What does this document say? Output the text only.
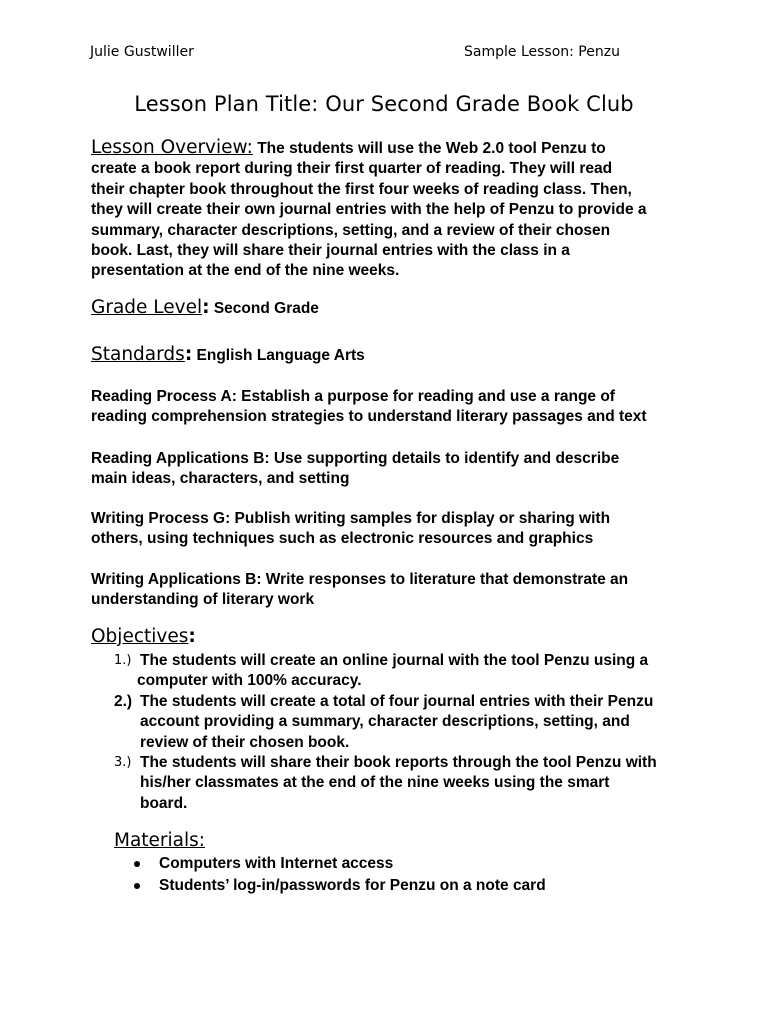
Julie Gustwiller	Sample Lesson: Penzu
Lesson Plan Title: Our Second Grade Book Club
Lesson Overview: The students will use the Web 2.0 tool Penzu to
create a book report during their first quarter of reading. They will read
their chapter book throughout the first four weeks of reading class. Then,
they will create their own journal entries with the help of Penzu to provide a
summary, character descriptions, setting, and a review of their chosen
book. Last, they will share their journal entries with the class in a
presentation at the end of the nine weeks.
Grade Level: Second Grade
Standards: English Language Arts
Reading Process A: Establish a purpose for reading and use a range of
reading comprehension strategies to understand literary passages and text
Reading Applications B: Use supporting details to identify and describe
main ideas, characters, and setting
Writing Process G: Publish writing samples for display or sharing with
others, using techniques such as electronic resources and graphics
Writing Applications B: Write responses to literature that demonstrate an
understanding of literary work
Objectives:
1.) The students will create an online journal with the tool Penzu using a
computer with 100% accuracy.
2.) The students will create a total of four journal entries with their Penzu
account providing a summary, character descriptions, setting, and
review of their chosen book.
3.) The students will share their book reports through the tool Penzu with
his/her classmates at the end of the nine weeks using the smart
board.
Materials:
Computers with Internet access
Students’ log-in/passwords for Penzu on a note card
